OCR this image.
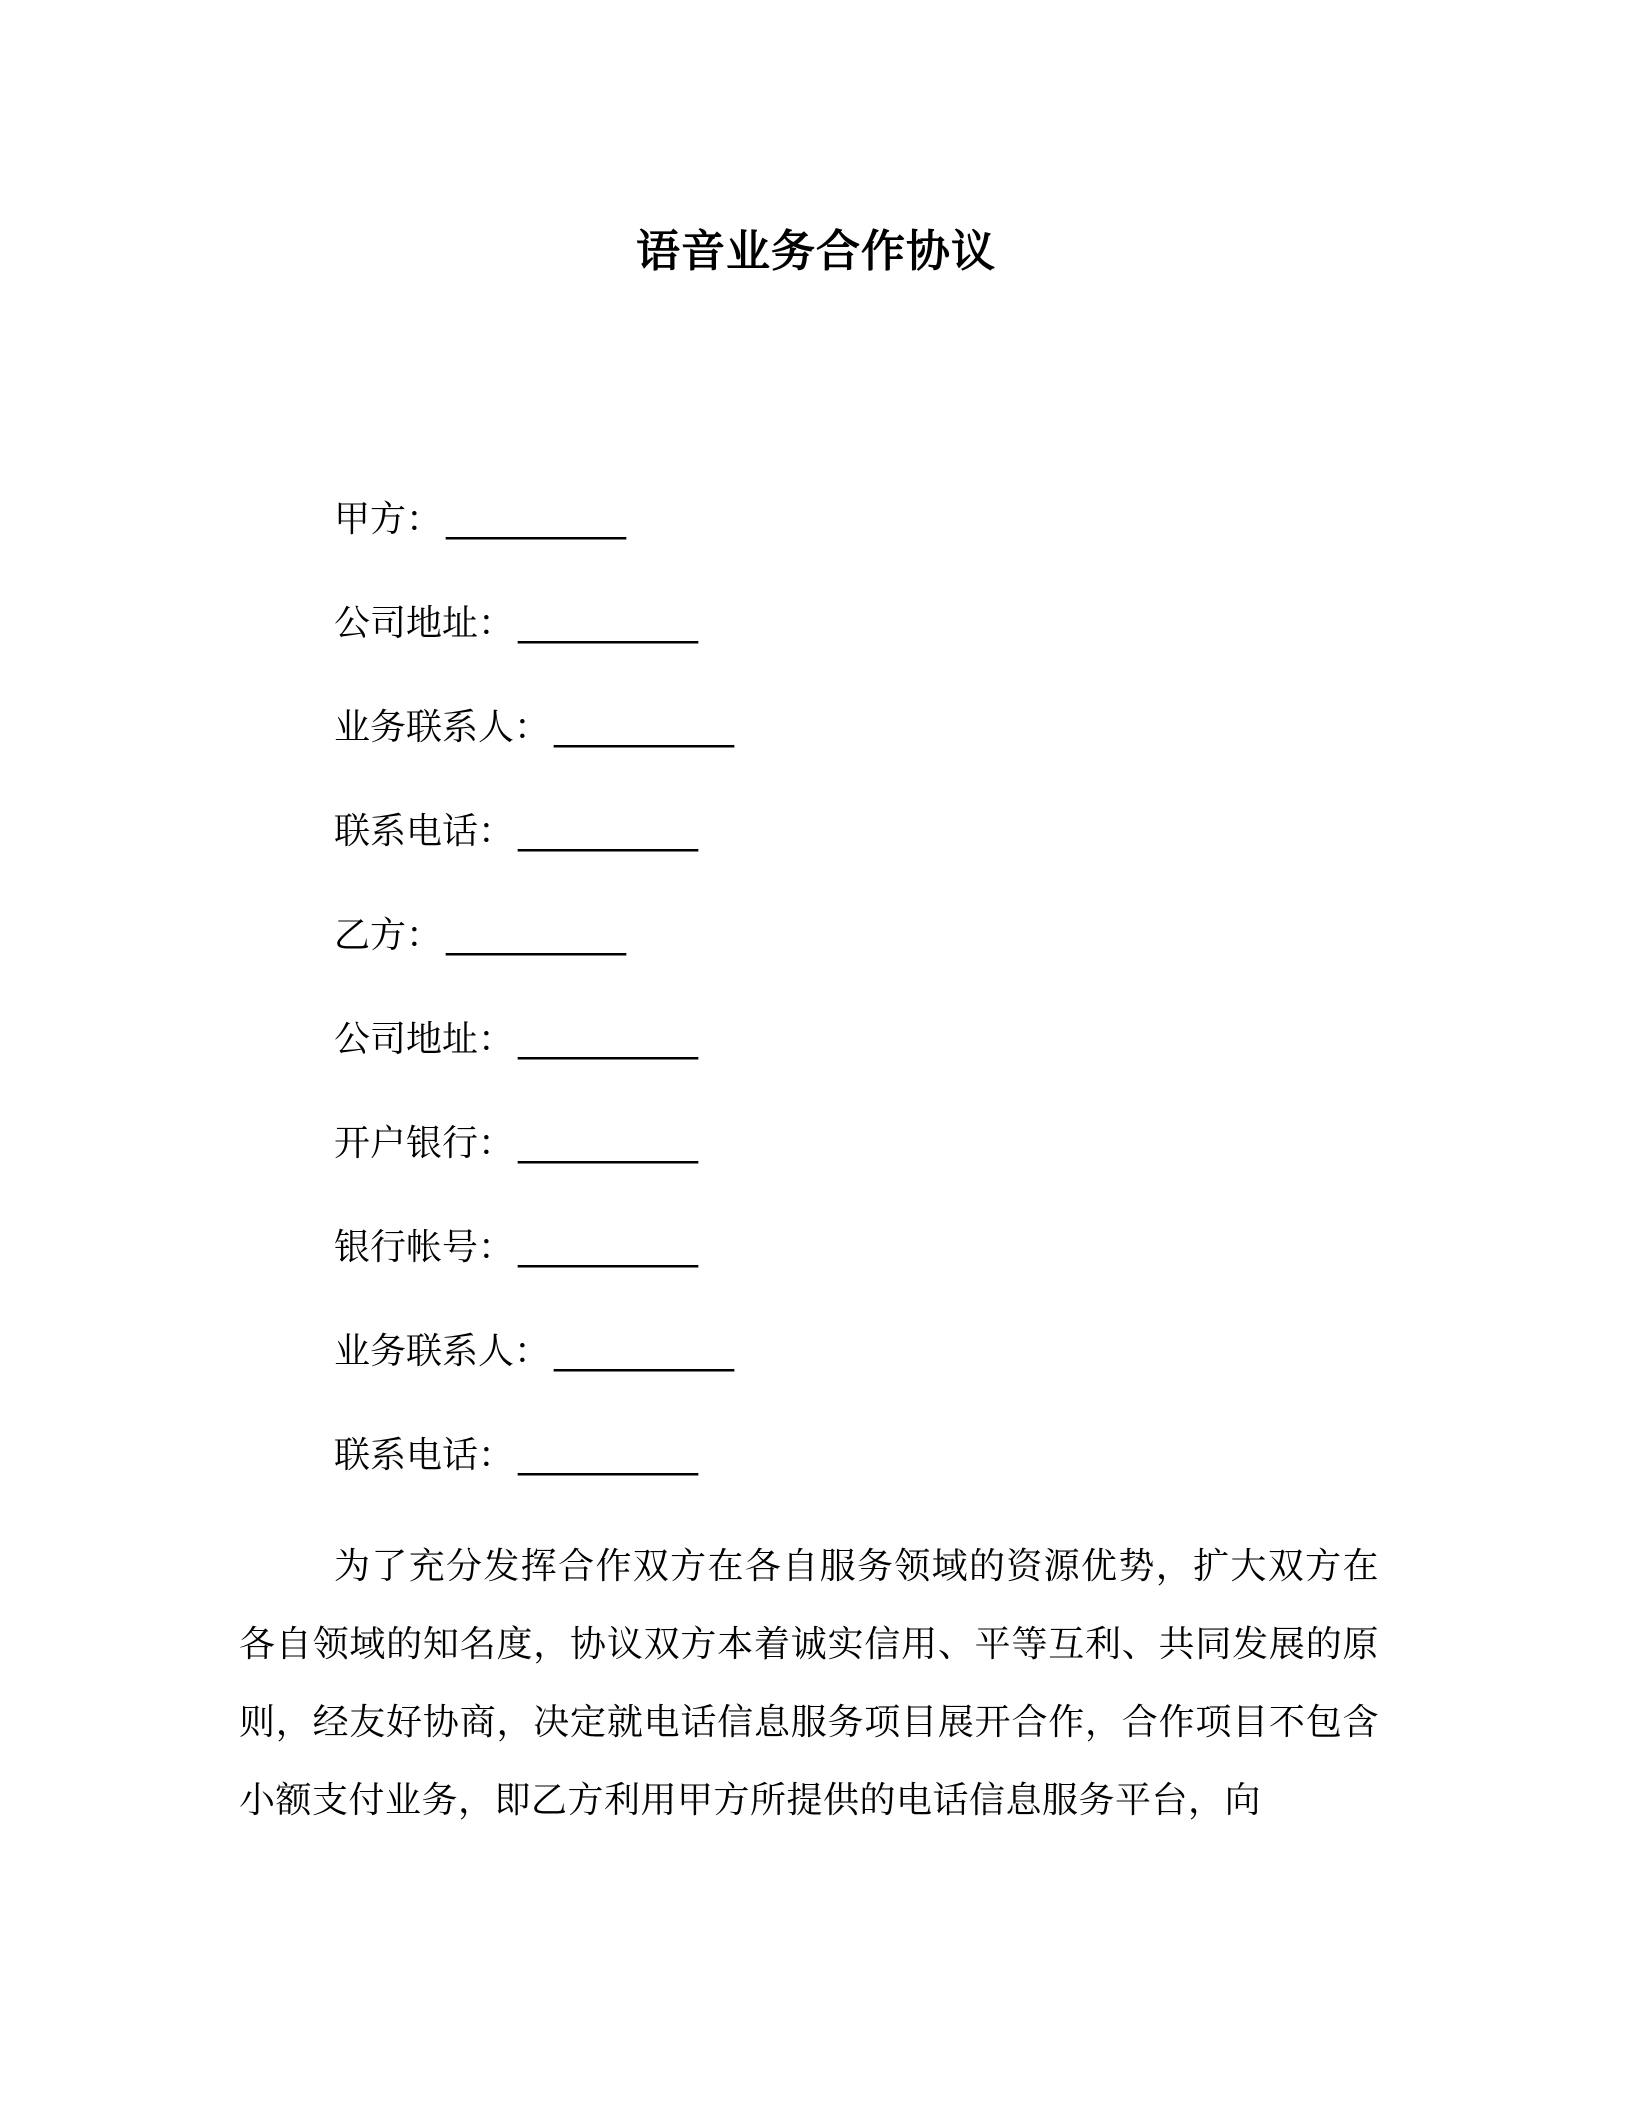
语音业务合作协议
甲方： __________
公司地址： __________
业务联系人： __________
联系电话： __________
乙方： __________
公司地址： __________
开户银行： __________
银行帐号： __________
业务联系人： __________
联系电话： __________

为了充分发挥合作双方在各自服务领域的资源优势，扩大双方在各自领域的知名度，协议双方本着诚实信用、平等互利、共同发展的原则，经友好协商，决定就电话信息服务项目展开合作，合作项目不包含小额支付业务，即乙方利用甲方所提供的电话信息服务平台，向
